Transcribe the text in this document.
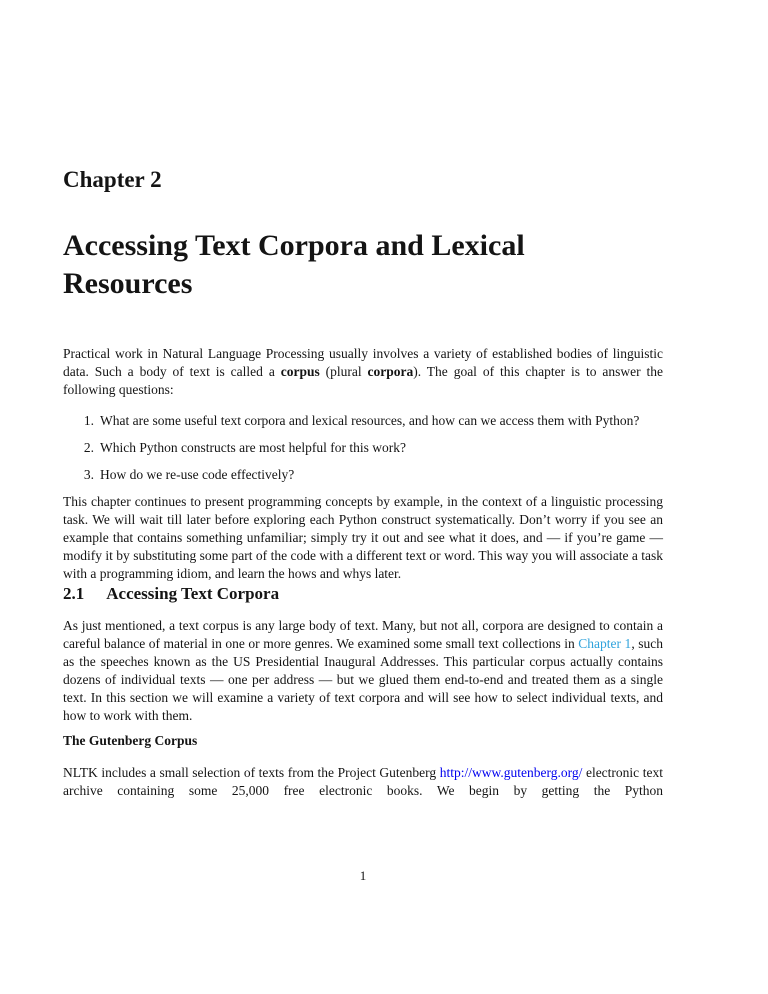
Chapter 2
Accessing Text Corpora and Lexical
Resources

Practical work in Natural Language Processing usually involves a variety of established bodies of linguistic data. Such a body of text is called a corpus (plural corpora). The goal of this chapter is to answer the following questions:

1. What are some useful text corpora and lexical resources, and how can we access them with Python?
2. Which Python constructs are most helpful for this work?
3. How do we re-use code effectively?

This chapter continues to present programming concepts by example, in the context of a linguistic processing task. We will wait till later before exploring each Python construct systematically. Don’t worry if you see an example that contains something unfamiliar; simply try it out and see what it does, and — if you’re game — modify it by substituting some part of the code with a different text or word. This way you will associate a task with a programming idiom, and learn the hows and whys later.

2.1 Accessing Text Corpora

As just mentioned, a text corpus is any large body of text. Many, but not all, corpora are designed to contain a careful balance of material in one or more genres. We examined some small text collections in Chapter 1, such as the speeches known as the US Presidential Inaugural Addresses. This particular corpus actually contains dozens of individual texts — one per address — but we glued them end-to-end and treated them as a single text. In this section we will examine a variety of text corpora and will see how to select individual texts, and how to work with them.

The Gutenberg Corpus

NLTK includes a small selection of texts from the Project Gutenberg http://www.gutenberg.org/ electronic text archive containing some 25,000 free electronic books. We begin by getting the Python

1
